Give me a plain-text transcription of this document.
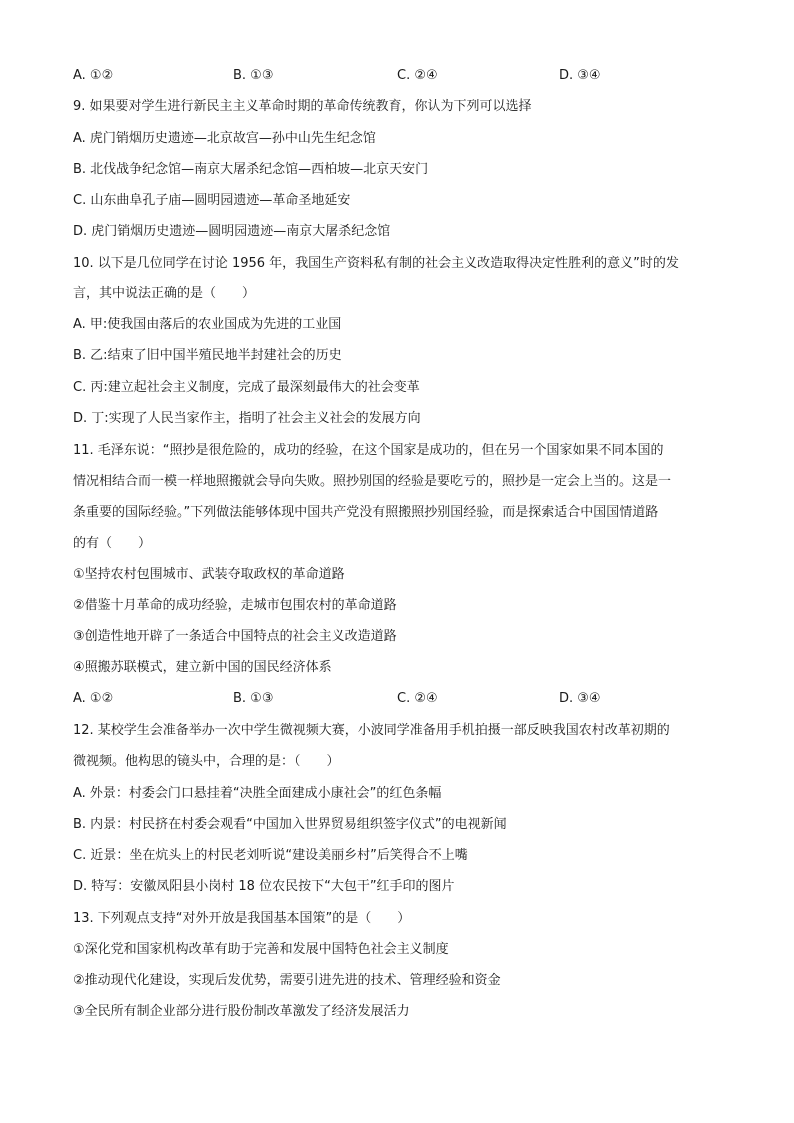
A. ①②	B. ①③	C. ②④	D. ③④
9. 如果要对学生进行新民主主义革命时期的革命传统教育，你认为下列可以选择
A. 虎门销烟历史遗迹—北京故宫—孙中山先生纪念馆
B. 北伐战争纪念馆—南京大屠杀纪念馆—西柏坡—北京天安门
C. 山东曲阜孔子庙—圆明园遗迹—革命圣地延安
D. 虎门销烟历史遗迹—圆明园遗迹—南京大屠杀纪念馆
10. 以下是几位同学在讨论 1956 年，我国生产资料私有制的社会主义改造取得决定性胜利的意义”时的发
言，其中说法正确的是（　　）
A. 甲:使我国由落后的农业国成为先进的工业国
B. 乙:结束了旧中国半殖民地半封建社会的历史
C. 丙:建立起社会主义制度，完成了最深刻最伟大的社会变革
D. 丁:实现了人民当家作主，指明了社会主义社会的发展方向
11. 毛泽东说：“照抄是很危险的，成功的经验，在这个国家是成功的，但在另一个国家如果不同本国的
情况相结合而一模一样地照搬就会导向失败。照抄别国的经验是要吃亏的，照抄是一定会上当的。这是一
条重要的国际经验。”下列做法能够体现中国共产党没有照搬照抄别国经验，而是探索适合中国国情道路
的有（　　）
①坚持农村包围城市、武装夺取政权的革命道路
②借鉴十月革命的成功经验，走城市包围农村的革命道路
③创造性地开辟了一条适合中国特点的社会主义改造道路
④照搬苏联模式，建立新中国的国民经济体系
A. ①②	B. ①③	C. ②④	D. ③④
12. 某校学生会准备举办一次中学生微视频大赛，小波同学准备用手机拍摄一部反映我国农村改革初期的
微视频。他构思的镜头中，合理的是：（　　）
A. 外景：村委会门口悬挂着“决胜全面建成小康社会”的红色条幅
B. 内景：村民挤在村委会观看“中国加入世界贸易组织签字仪式”的电视新闻
C. 近景：坐在炕头上的村民老刘听说“建设美丽乡村”后笑得合不上嘴
D. 特写：安徽凤阳县小岗村 18 位农民按下“大包干”红手印的图片
13. 下列观点支持“对外开放是我国基本国策”的是（　　）
①深化党和国家机构改革有助于完善和发展中国特色社会主义制度
②推动现代化建设，实现后发优势，需要引进先进的技术、管理经验和资金
③全民所有制企业部分进行股份制改革激发了经济发展活力
